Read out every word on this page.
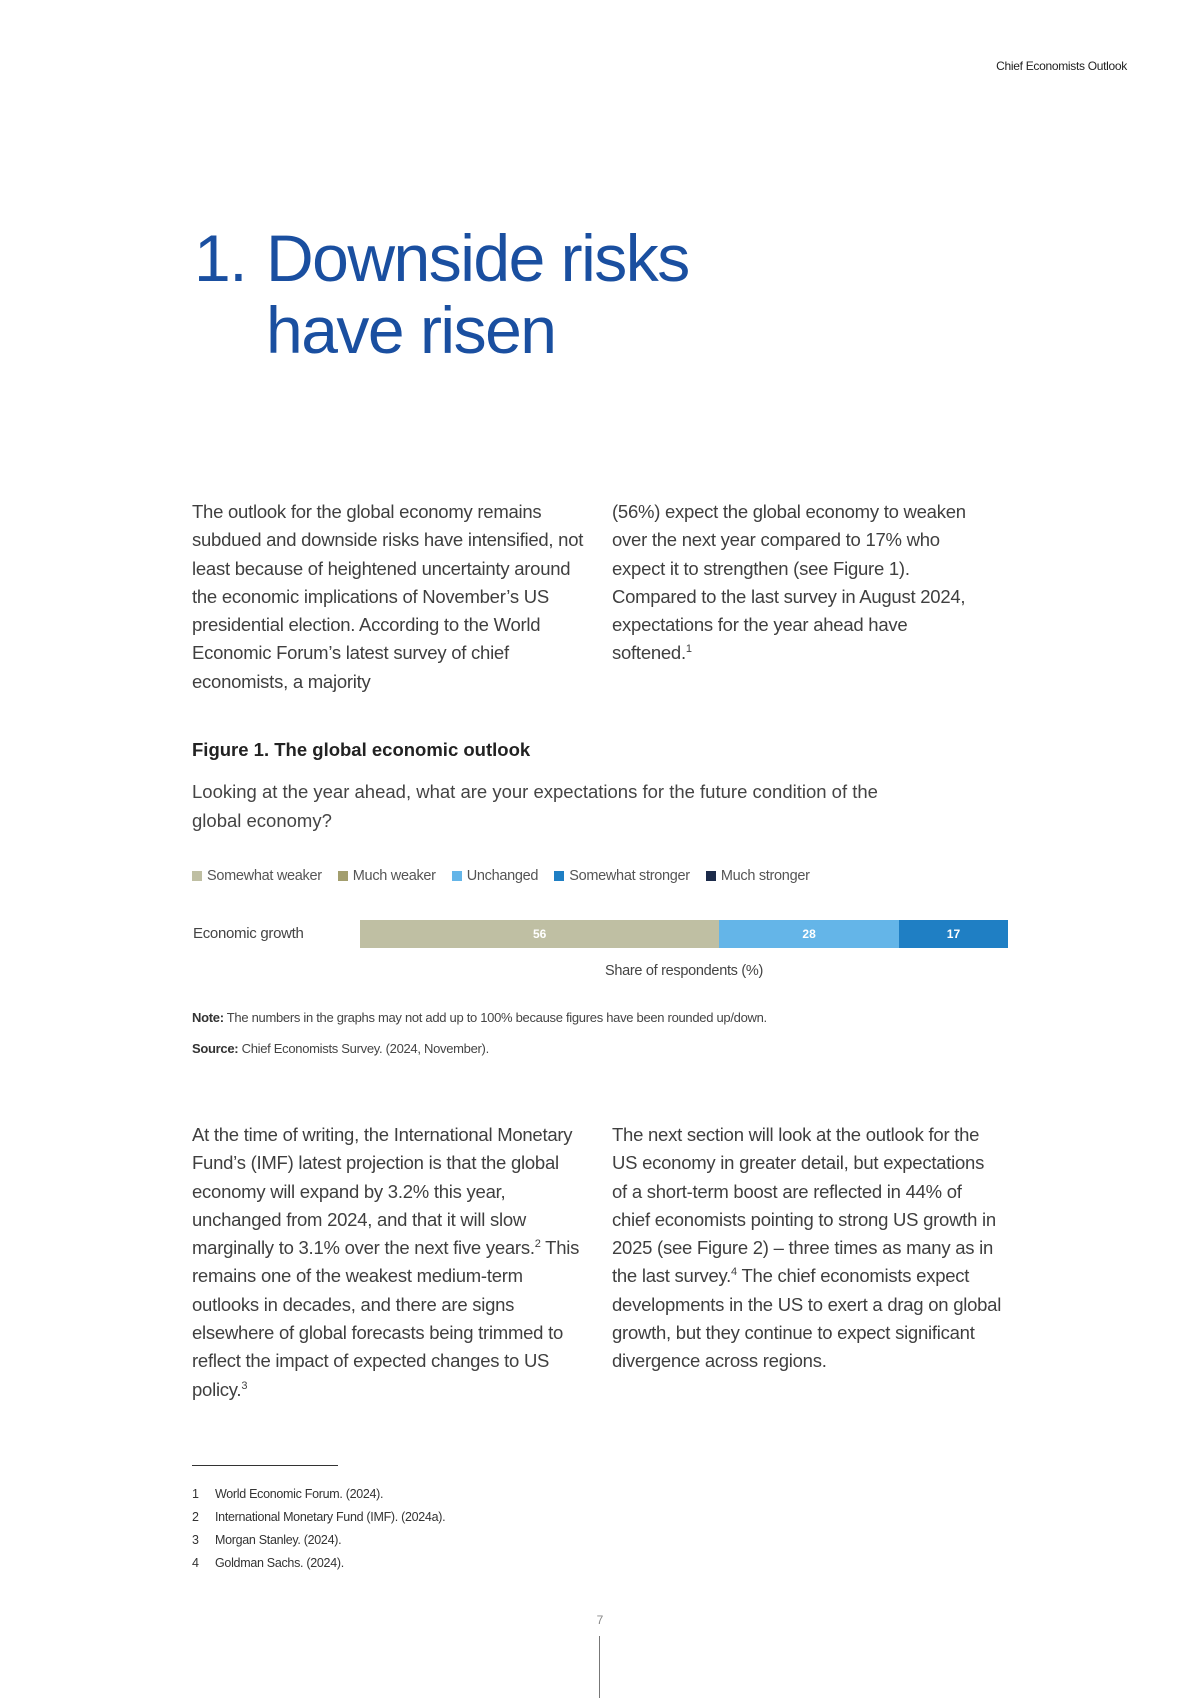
Chief Economists Outlook
1. Downside risks
have risen

The outlook for the global economy remains subdued and downside risks have intensified, not least because of heightened uncertainty around the economic implications of November’s US presidential election. According to the World Economic Forum’s latest survey of chief economists, a majority

(56%) expect the global economy to weaken over the next year compared to 17% who expect it to strengthen (see Figure 1). Compared to the last survey in August 2024, expectations for the year ahead have softened.$^1$

Figure 1. The global economic outlook
Looking at the year ahead, what are your expectations for the future condition of the global economy?
Somewhat weaker Much weaker Unchanged Somewhat stronger Much stronger
Economic growth	56	28	17
Share of respondents (%)
Note: The numbers in the graphs may not add up to 100% because figures have been rounded up/down.
Source: Chief Economists Survey. (2024, November).

At the time of writing, the International Monetary Fund’s (IMF) latest projection is that the global economy will expand by 3.2% this year, unchanged from 2024, and that it will slow marginally to 3.1% over the next five years.$^2$ This remains one of the weakest medium-term outlooks in decades, and there are signs elsewhere of global forecasts being trimmed to reflect the impact of expected changes to US policy.$^3$

The next section will look at the outlook for the US economy in greater detail, but expectations of a short-term boost are reflected in 44% of chief economists pointing to strong US growth in 2025 (see Figure 2) – three times as many as in the last survey.$^4$ The chief economists expect developments in the US to exert a drag on global growth, but they continue to expect significant divergence across regions.

1	World Economic Forum. (2024).
2	International Monetary Fund (IMF). (2024a).
3	Morgan Stanley. (2024).
4	Goldman Sachs. (2024).
7
